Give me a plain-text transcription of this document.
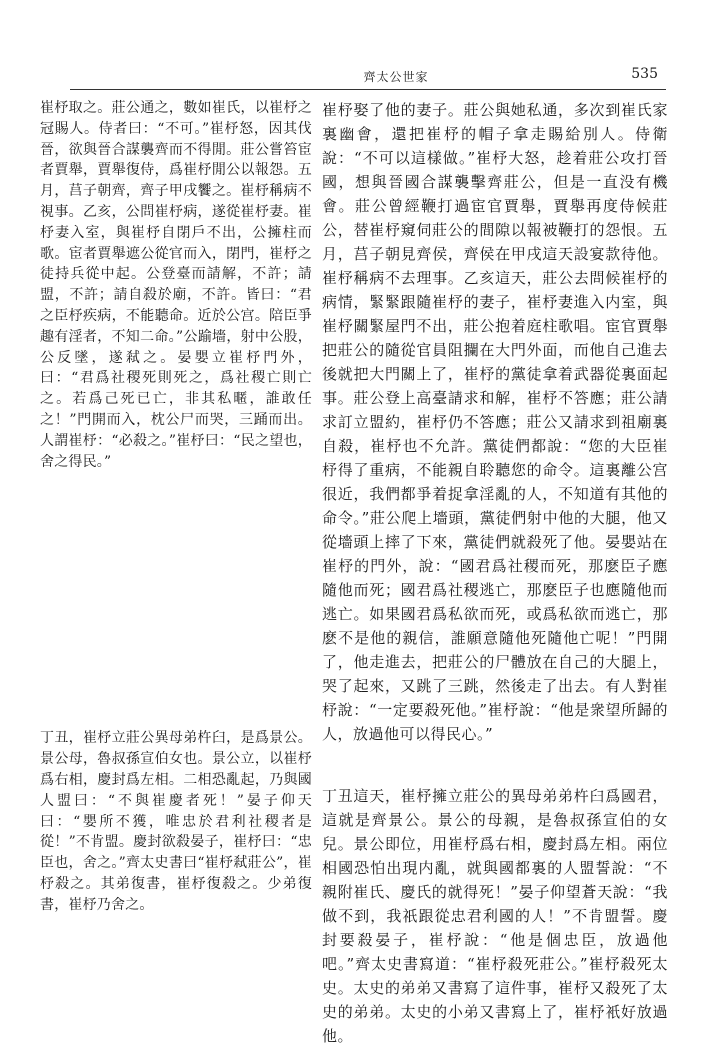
齊太公世家	535

崔杼取之。莊公通之，數如崔氏，以崔杼之冠賜人。侍者曰：“不可。”崔杼怒，因其伐晉，欲與晉合謀襲齊而不得閒。莊公嘗笞宦者賈舉，賈舉復侍，爲崔杼閒公以報怨。五月，莒子朝齊，齊子甲戌饗之。崔杼稱病不視事。乙亥，公問崔杼病，遂從崔杼妻。崔杼妻入室，與崔杼自閉戶不出，公擁柱而歌。宦者賈舉遮公從官而入，閉門，崔杼之徒持兵從中起。公登臺而請解，不許；請盟，不許；請自殺於廟，不許。皆曰：“君之臣杼疾病，不能聽命。近於公宫。陪臣爭趣有淫者，不知二命。”公踰墻，射中公股，公反墜，遂弒之。晏嬰立崔杼門外，曰：“君爲社稷死則死之，爲社稷亡則亡之。若爲己死已亡，非其私暱，誰敢任之！”門開而入，枕公尸而哭，三踊而出。人謂崔杼：“必殺之。”崔杼曰：“民之望也，舍之得民。”

丁丑，崔杼立莊公異母弟杵臼，是爲景公。景公母，魯叔孫宣伯女也。景公立，以崔杼爲右相，慶封爲左相。二相恐亂起，乃與國人盟曰：“不與崔慶者死！”晏子仰天曰：“嬰所不獲，唯忠於君利社稷者是從！”不肯盟。慶封欲殺晏子，崔杼曰：“忠臣也，舍之。”齊太史書曰“崔杼弒莊公”，崔杼殺之。其弟復書，崔杼復殺之。少弟復書，崔杼乃舍之。

崔杼娶了他的妻子。莊公與她私通，多次到崔氏家裏幽會，還把崔杼的帽子拿走賜給別人。侍衛說：“不可以這樣做。”崔杼大怒，趁着莊公攻打晉國，想與晉國合謀襲擊齊莊公，但是一直没有機會。莊公曾經鞭打過宦官賈舉，賈舉再度侍候莊公，替崔杼窺伺莊公的間隙以報被鞭打的怨恨。五月，莒子朝見齊侯，齊侯在甲戌這天設宴款待他。崔杼稱病不去理事。乙亥這天，莊公去問候崔杼的病情，緊緊跟隨崔杼的妻子，崔杼妻進入内室，與崔杼關緊屋門不出，莊公抱着庭柱歌唱。宦官賈舉把莊公的隨從官員阻攔在大門外面，而他自己進去後就把大門關上了，崔杼的黨徒拿着武器從裏面起事。莊公登上高臺請求和解，崔杼不答應；莊公請求訂立盟約，崔杼仍不答應；莊公又請求到祖廟裏自殺，崔杼也不允許。黨徒們都說：“您的大臣崔杼得了重病，不能親自聆聽您的命令。這裏離公宫很近，我們都爭着捉拿淫亂的人，不知道有其他的命令。”莊公爬上墻頭，黨徒們射中他的大腿，他又從墻頭上摔了下來，黨徒們就殺死了他。晏嬰站在崔杼的門外，說：“國君爲社稷而死，那麽臣子應隨他而死；國君爲社稷逃亡，那麽臣子也應隨他而逃亡。如果國君爲私欲而死，或爲私欲而逃亡，那麽不是他的親信，誰願意隨他死隨他亡呢！”門開了，他走進去，把莊公的尸體放在自己的大腿上，哭了起來，又跳了三跳，然後走了出去。有人對崔杼說：“一定要殺死他。”崔杼說：“他是衆望所歸的人，放過他可以得民心。”

丁丑這天，崔杼擁立莊公的異母弟弟杵臼爲國君，這就是齊景公。景公的母親，是魯叔孫宣伯的女兒。景公即位，用崔杼爲右相，慶封爲左相。兩位相國恐怕出現内亂，就與國都裏的人盟誓說：“不親附崔氏、慶氏的就得死！”晏子仰望蒼天說：“我做不到，我祇跟從忠君利國的人！”不肯盟誓。慶封要殺晏子，崔杼說：“他是個忠臣，放過他吧。”齊太史書寫道：“崔杼殺死莊公。”崔杼殺死太史。太史的弟弟又書寫了這件事，崔杼又殺死了太史的弟弟。太史的小弟又書寫上了，崔杼衹好放過他。
